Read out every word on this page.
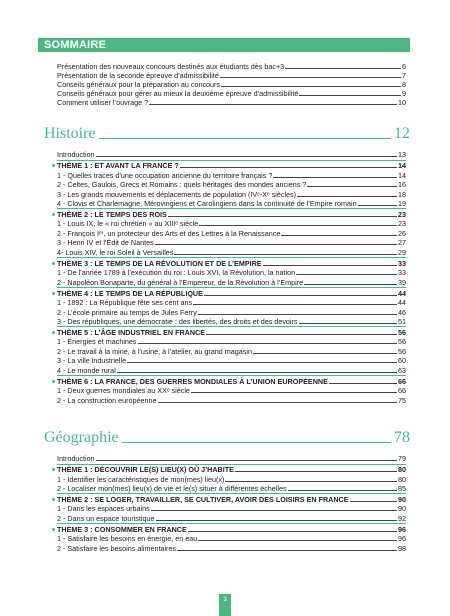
SOMMAIRE
Présentation des nouveaux concours destinés aux étudiants dès bac+3	6
Présentation de la seconde épreuve d’admissibilité	7
Conseils généraux pour la préparation au concours	8
Conseils généraux pour gérer au mieux la deuxième épreuve d’admissibilité	9
Comment utiliser l’ouvrage ?	10
Histoire	12
Introduction	13
THÈME 1 : ET AVANT LA FRANCE ?	14
1 - Quelles traces d’une occupation ancienne du territoire français ?	14
2 - Celtes, Gaulois, Grecs et Romains : quels héritages des mondes anciens ?	16
3 - Les grands mouvements et déplacements de population (IVᵉ-Xᵉ siècles)	18
4 - Clovis et Charlemagne, Mérovingiens et Carolingiens dans la continuité de l’Empire romain	19
THÈME 2 : LE TEMPS DES ROIS	23
1 - Louis IX, le « roi chrétien » au XIIIᵉ siècle	23
2 - François Iᵉʳ, un protecteur des Arts et des Lettres à la Renaissance	26
3 - Henri IV et l’Édit de Nantes	27
4- Louis XIV, le roi Soleil à Versailles	29
THÈME 3 : LE TEMPS DE LA RÉVOLUTION ET DE L’EMPIRE	33
1 - De l’année 1789 à l’exécution du roi : Louis XVI, la Révolution, la nation	33
2 - Napoléon Bonaparte, du général à l’Empereur, de la Révolution à l’Empire	39
THÈME 4 : LE TEMPS DE LA RÉPUBLIQUE	44
1 - 1892 : La République fête ses cent ans	44
2 - L’école primaire au temps de Jules Ferry	46
3 - Des républiques, une démocratie : des libertés, des droits et des devoirs	51
THÈME 5 : L’ÂGE INDUSTRIEL EN FRANCE	56
1 - Énergies et machines	56
2 - Le travail à la mine, à l’usine, à l’atelier, au grand magasin	56
3 - La ville industrielle	60
4 - Le monde rural	63
THÈME 6 : LA FRANCE, DES GUERRES MONDIALES À L’UNION EUROPÉENNE	66
1 - Deux guerres mondiales au XXᵉ siècle	66
2 - La construction européenne	75
Géographie	78
Introduction	79
THÈME 1 : DÉCOUVRIR LE(S) LIEU(X) OÙ J’HABITE	80
1 - Identifier les caractéristiques de mon(mes) lieu(x)	80
2 - Localiser mon(mes) lieu(x) de vie et le(s) situer à différentes échelles	85
THÈME 2 : SE LOGER, TRAVAILLER, SE CULTIVER, AVOIR DES LOISIRS EN FRANCE	90
1 - Dans les espaces urbains	90
2 - Dans un espace touristique	92
THÈME 3 : CONSOMMER EN FRANCE	96
1 - Satisfaire les besoins en énergie, en eau	96
2 - Satisfaire les besoins alimentaires	98
3
